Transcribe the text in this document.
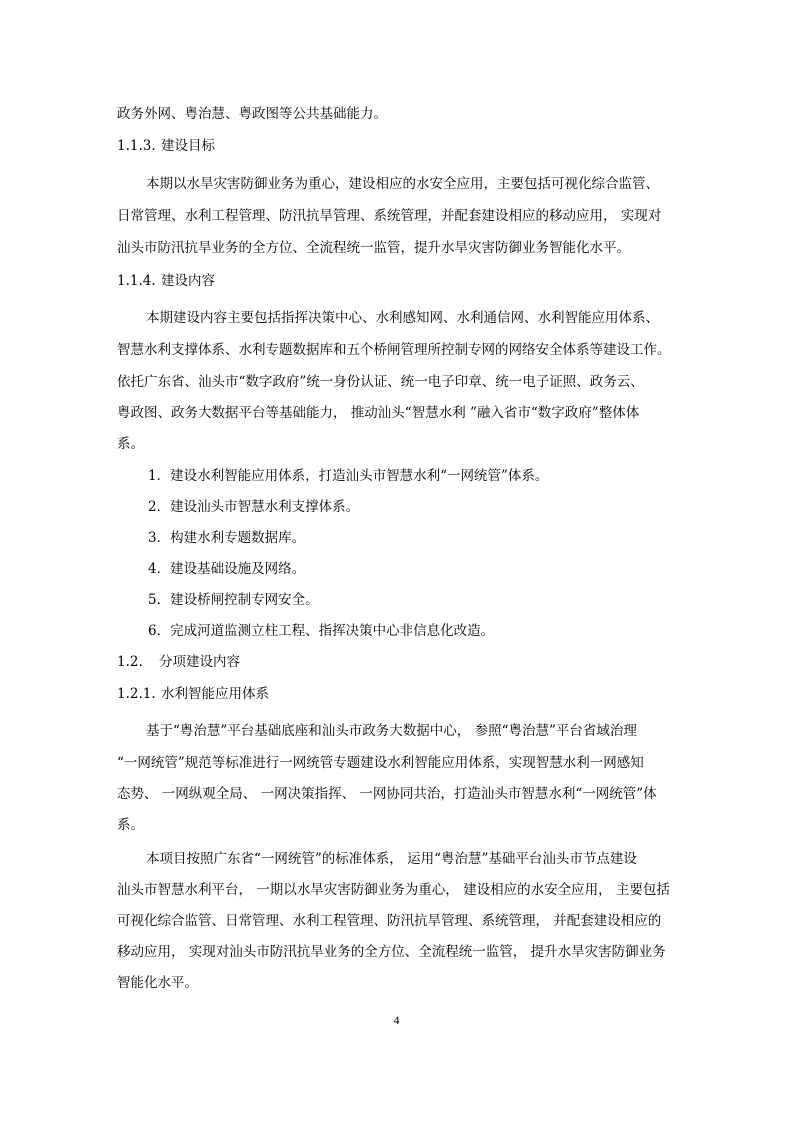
政务外网、粤治慧、粤政图等公共基础能力。
1.1.3. 建设目标
本期以水旱灾害防御业务为重心，建设相应的水安全应用，主要包括可视化综合监管、
日常管理、水利工程管理、防汛抗旱管理、系统管理，并配套建设相应的移动应用， 实现对
汕头市防汛抗旱业务的全方位、全流程统一监管，提升水旱灾害防御业务智能化水平。
1.1.4. 建设内容
本期建设内容主要包括指挥决策中心、水利感知网、水利通信网、水利智能应用体系、
智慧水利支撑体系、水利专题数据库和五个桥闸管理所控制专网的网络安全体系等建设工作。
依托广东省、汕头市“数字政府”统一身份认证、统一电子印章、统一电子证照、政务云、
粤政图、政务大数据平台等基础能力， 推动汕头“智慧水利 ”融入省市“数字政府”整体体
系。
1．建设水利智能应用体系，打造汕头市智慧水利“一网统管”体系。
2．建设汕头市智慧水利支撑体系。
3．构建水利专题数据库。
4．建设基础设施及网络。
5．建设桥闸控制专网安全。
6．完成河道监测立柱工程、指挥决策中心非信息化改造。
1.2. 分项建设内容
1.2.1. 水利智能应用体系
基于“粤治慧”平台基础底座和汕头市政务大数据中心， 参照“粤治慧”平台省域治理
“一网统管”规范等标准进行一网统管专题建设水利智能应用体系，实现智慧水利一网感知
态势、 一网纵观全局、 一网决策指挥、 一网协同共治，打造汕头市智慧水利“一网统管”体
系。
本项目按照广东省“一网统管”的标准体系， 运用“粤治慧”基础平台汕头市节点建设
汕头市智慧水利平台， 一期以水旱灾害防御业务为重心， 建设相应的水安全应用， 主要包括
可视化综合监管、日常管理、水利工程管理、防汛抗旱管理、系统管理， 并配套建设相应的
移动应用， 实现对汕头市防汛抗旱业务的全方位、全流程统一监管， 提升水旱灾害防御业务
智能化水平。
4
